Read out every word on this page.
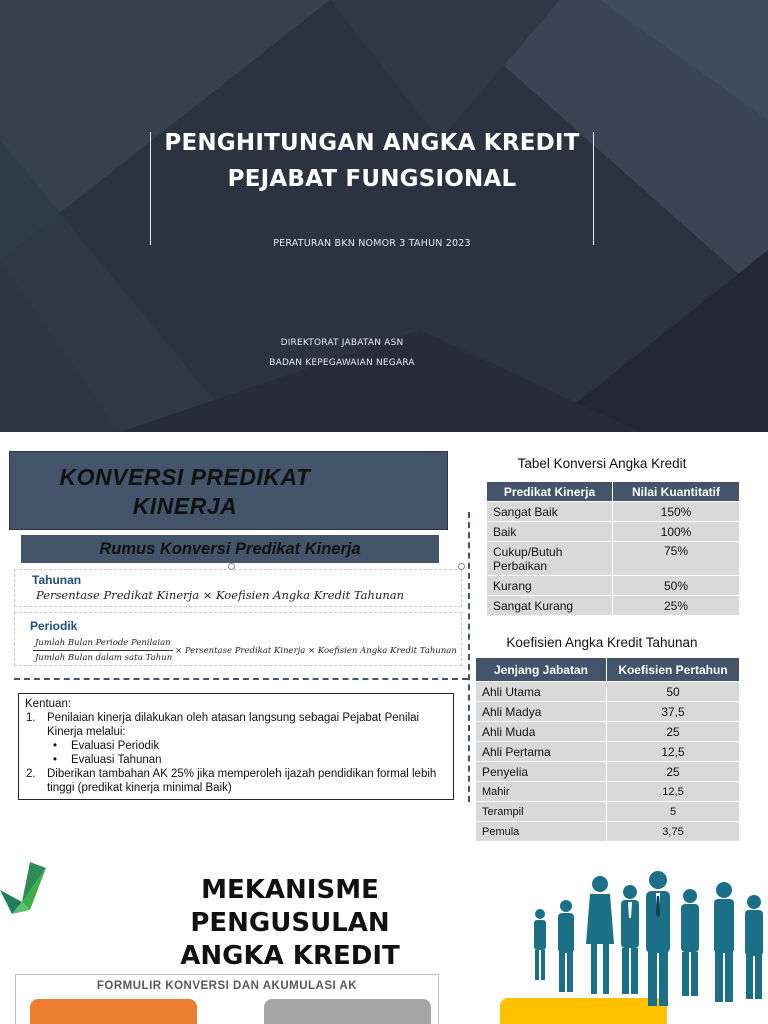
PENGHITUNGAN ANGKA KREDIT
PEJABAT FUNGSIONAL
PERATURAN BKN NOMOR 3 TAHUN 2023
DIREKTORAT JABATAN ASN
BADAN KEPEGAWAIAN NEGARA
KONVERSI PREDIKAT
KINERJA
Rumus Konversi Predikat Kinerja
Tahunan
Persentase Predikat Kinerja × Koefisien Angka Kredit Tahunan
Periodik
Jumlah Bulan Periode Penilaian
Jumlah Bulan dalam satu Tahun
× Persentase Predikat Kinerja × Koefisien Angka Kredit Tahunan
Kentuan:
1. Penilaian kinerja dilakukan oleh atasan langsung sebagai Pejabat Penilai
Kinerja melalui:
• Evaluasi Periodik
• Evaluasi Tahunan
2. Diberikan tambahan AK 25% jika memperoleh ijazah pendidikan formal lebih
tinggi (predikat kinerja minimal Baik)
Tabel Konversi Angka Kredit
Predikat Kinerja	Nilai Kuantitatif
Sangat Baik	150%
Baik	100%
Cukup/Butuh Perbaikan	75%
Kurang	50%
Sangat Kurang	25%
Koefisien Angka Kredit Tahunan
Jenjang Jabatan	Koefisien Pertahun
Ahli Utama	50
Ahli Madya	37,5
Ahli Muda	25
Ahli Pertama	12,5
Penyelia	25
Mahir	12,5
Terampil	5
Pemula	3,75
MEKANISME PENGUSULAN
ANGKA KREDIT
FORMULIR KONVERSI DAN AKUMULASI AK
